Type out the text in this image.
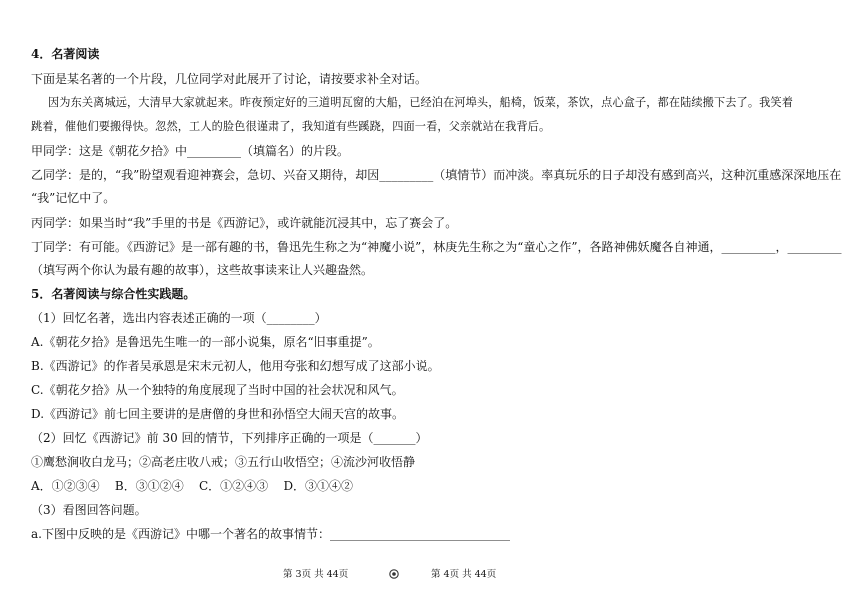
4．名著阅读
下面是某名著的一个片段，几位同学对此展开了讨论，请按要求补全对话。
因为东关离城远，大清早大家就起来。昨夜预定好的三道明瓦窗的大船，已经泊在河埠头，船椅，饭菜，茶饮，点心盒子，都在陆续搬下去了。我笑着
跳着，催他们要搬得快。忽然，工人的脸色很谨肃了，我知道有些蹊跷，四面一看，父亲就站在我背后。
甲同学：这是《朝花夕拾》中_________（填篇名）的片段。
乙同学：是的，“我”盼望观看迎神赛会，急切、兴奋又期待，却因_________（填情节）而冲淡。率真玩乐的日子却没有感到高兴，这种沉重感深深地压在
“我”记忆中了。
丙同学：如果当时“我”手里的书是《西游记》，或许就能沉浸其中，忘了赛会了。
丁同学：有可能。《西游记》是一部有趣的书，鲁迅先生称之为“神魔小说”，林庚先生称之为“童心之作”，各路神佛妖魔各自神通，_________，_________
（填写两个你认为最有趣的故事），这些故事读来让人兴趣盎然。
5．名著阅读与综合性实践题。
（1）回忆名著，选出内容表述正确的一项（________）
A.《朝花夕拾》是鲁迅先生唯一的一部小说集，原名“旧事重提”。
B.《西游记》的作者吴承恩是宋末元初人，他用夸张和幻想写成了这部小说。
C.《朝花夕拾》从一个独特的角度展现了当时中国的社会状况和风气。
D.《西游记》前七回主要讲的是唐僧的身世和孙悟空大闹天宫的故事。
（2）回忆《西游记》前 30 回的情节，下列排序正确的一项是（_______）
①鹰愁涧收白龙马；②高老庄收八戒；③五行山收悟空；④流沙河收悟静
A．①②③④    B．③①②④    C．①②④③    D．③①④②
（3）看图回答问题。
a.下图中反映的是《西游记》中哪一个著名的故事情节：______________________________
第 3页 共 44页	第 4页 共 44页
